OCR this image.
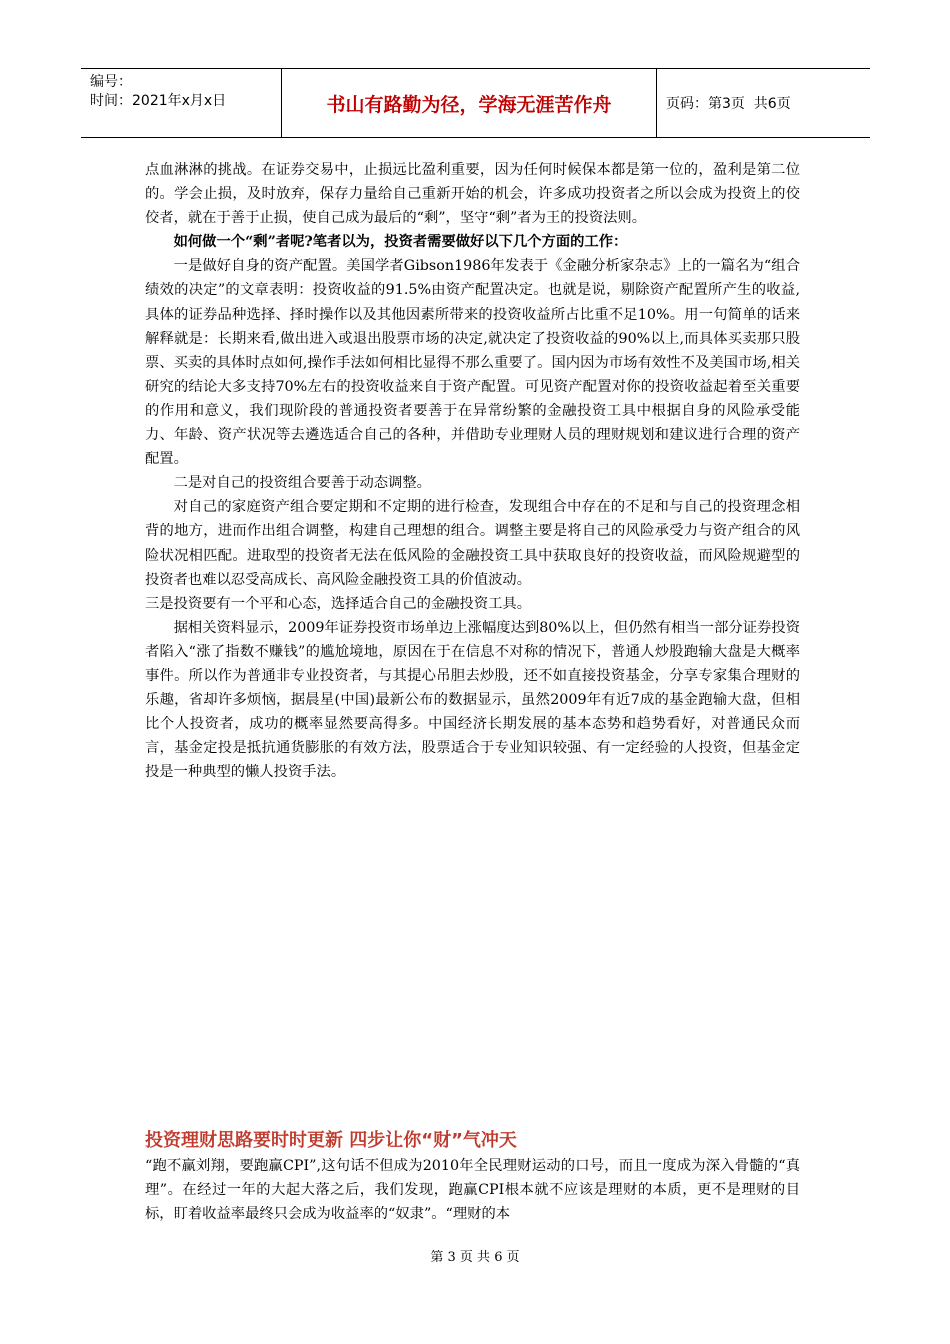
编号：
时间：2021年x月x日	书山有路勤为径，学海无涯苦作舟	页码：第3页  共6页

点血淋淋的挑战。在证券交易中，止损远比盈利重要，因为任何时候保本都是第一位的，盈利是第二位的。学会止损，及时放弃，保存力量给自己重新开始的机会，许多成功投资者之所以会成为投资上的佼佼者，就在于善于止损，使自己成为最后的“剩”，坚守“剩”者为王的投资法则。

如何做一个“剩”者呢?笔者以为，投资者需要做好以下几个方面的工作：

一是做好自身的资产配置。美国学者Gibson1986年发表于《金融分析家杂志》上的一篇名为“组合绩效的决定”的文章表明：投资收益的91.5%由资产配置决定。也就是说，剔除资产配置所产生的收益,具体的证券品种选择、择时操作以及其他因素所带来的投资收益所占比重不足10%。用一句简单的话来解释就是：长期来看,做出进入或退出股票市场的决定,就决定了投资收益的90%以上,而具体买卖那只股票、买卖的具体时点如何,操作手法如何相比显得不那么重要了。国内因为市场有效性不及美国市场,相关研究的结论大多支持70%左右的投资收益来自于资产配置。可见资产配置对你的投资收益起着至关重要的作用和意义，我们现阶段的普通投资者要善于在异常纷繁的金融投资工具中根据自身的风险承受能力、年龄、资产状况等去遴选适合自己的各种，并借助专业理财人员的理财规划和建议进行合理的资产配置。

二是对自己的投资组合要善于动态调整。

对自己的家庭资产组合要定期和不定期的进行检查，发现组合中存在的不足和与自己的投资理念相背的地方，进而作出组合调整，构建自己理想的组合。调整主要是将自己的风险承受力与资产组合的风险状况相匹配。进取型的投资者无法在低风险的金融投资工具中获取良好的投资收益，而风险规避型的投资者也难以忍受高成长、高风险金融投资工具的价值波动。

三是投资要有一个平和心态，选择适合自己的金融投资工具。

据相关资料显示，2009年证券投资市场单边上涨幅度达到80%以上，但仍然有相当一部分证券投资者陷入“涨了指数不赚钱”的尴尬境地，原因在于在信息不对称的情况下，普通人炒股跑输大盘是大概率事件。所以作为普通非专业投资者，与其提心吊胆去炒股，还不如直接投资基金，分享专家集合理财的乐趣，省却许多烦恼，据晨星(中国)最新公布的数据显示，虽然2009年有近7成的基金跑输大盘，但相比个人投资者，成功的概率显然要高得多。中国经济长期发展的基本态势和趋势看好，对普通民众而言，基金定投是抵抗通货膨胀的有效方法，股票适合于专业知识较强、有一定经验的人投资，但基金定投是一种典型的懒人投资手法。

投资理财思路要时时更新 四步让你“财”气冲天

“跑不赢刘翔，要跑赢CPI”,这句话不但成为2010年全民理财运动的口号，而且一度成为深入骨髓的“真理”。在经过一年的大起大落之后，我们发现，跑赢CPI根本就不应该是理财的本质，更不是理财的目标，盯着收益率最终只会成为收益率的“奴隶”。“理财的本

第 3 页 共 6 页
